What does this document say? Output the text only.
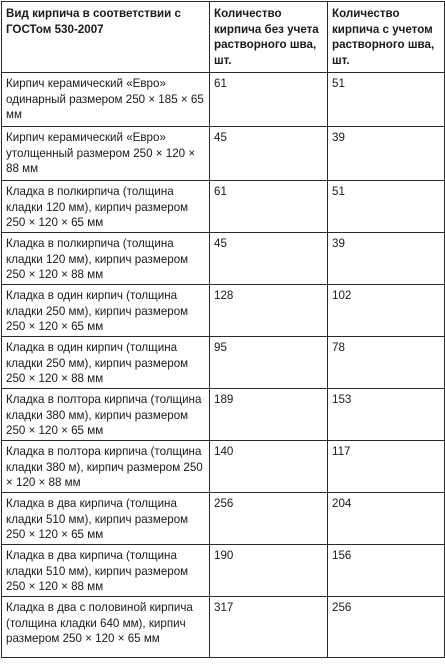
Вид кирпича в соответствии с ГОСТом 530-2007	Количество кирпича без учета растворного шва, шт.	Количество кирпича с учетом растворного шва, шт.
Кирпич керамический «Евро» одинарный размером 250 × 185 × 65 мм	61	51
Кирпич керамический «Евро» утолщенный размером 250 × 120 × 88 мм	45	39
Кладка в полкирпича (толщина кладки 120 мм), кирпич размером 250 × 120 × 65 мм	61	51
Кладка в полкирпича (толщина кладки 120 мм), кирпич размером 250 × 120 × 88 мм	45	39
Кладка в один кирпич (толщина кладки 250 мм), кирпич размером 250 × 120 × 65 мм	128	102
Кладка в один кирпич (толщина кладки 250 мм), кирпич размером 250 × 120 × 88 мм	95	78
Кладка в полтора кирпича (толщина кладки 380 мм), кирпич размером 250 × 120 × 65 мм	189	153
Кладка в полтора кирпича (толщина кладки 380 м), кирпич размером 250 × 120 × 88 мм	140	117
Кладка в два кирпича (толщина кладки 510 мм), кирпич размером 250 × 120 × 65 мм	256	204
Кладка в два кирпича (толщина кладки 510 мм), кирпич размером 250 × 120 × 88 мм	190	156
Кладка в два с половиной кирпича (толщина кладки 640 мм), кирпич размером 250 × 120 × 65 мм	317	256
